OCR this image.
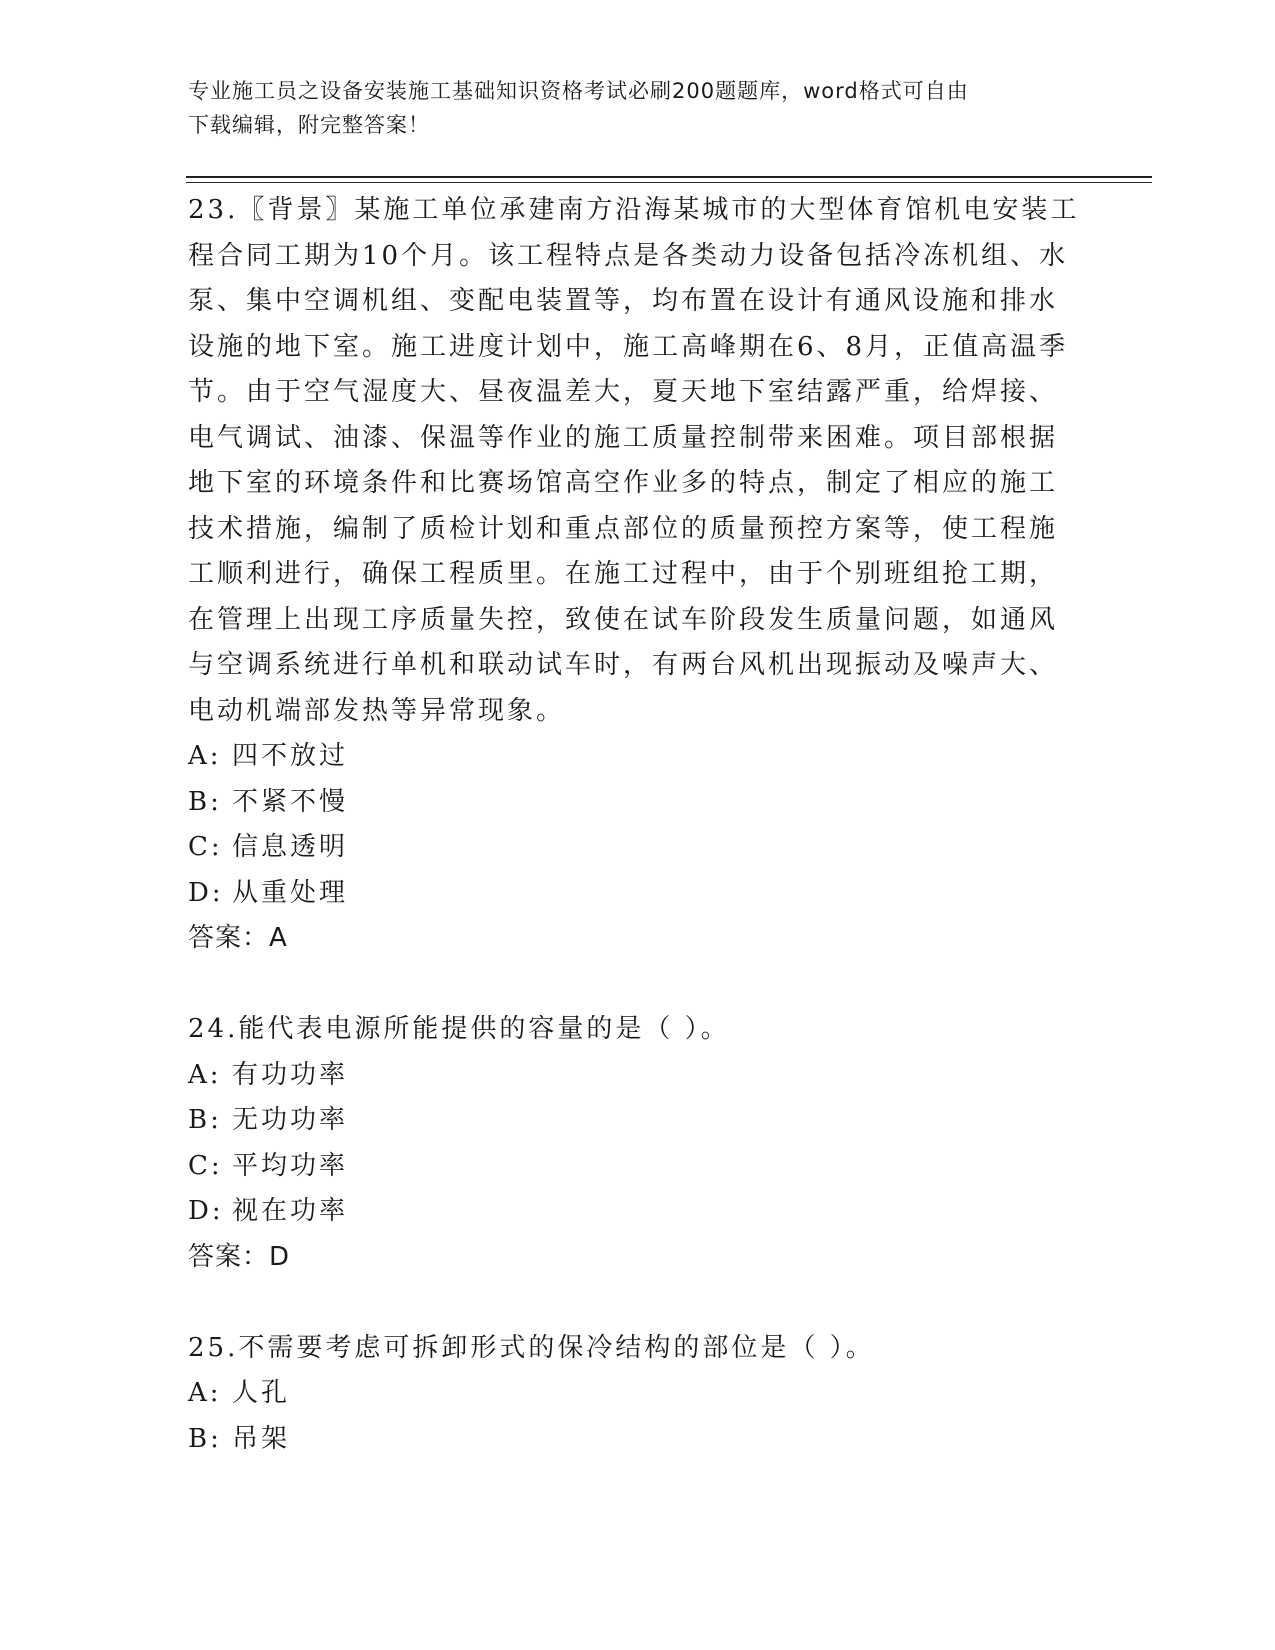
专业施工员之设备安装施工基础知识资格考试必刷200题题库，word格式可自由
下载编辑，附完整答案！
23.〖背景〗某施工单位承建南方沿海某城市的大型体育馆机电安装工
程合同工期为10个月。该工程特点是各类动力设备包括冷冻机组、水
泵、集中空调机组、变配电装置等，均布置在设计有通风设施和排水
设施的地下室。施工进度计划中，施工高峰期在6、8月，正值高温季
节。由于空气湿度大、昼夜温差大，夏天地下室结露严重，给焊接、
电气调试、油漆、保温等作业的施工质量控制带来困难。项目部根据
地下室的环境条件和比赛场馆高空作业多的特点，制定了相应的施工
技术措施，编制了质检计划和重点部位的质量预控方案等，使工程施
工顺利进行，确保工程质里。在施工过程中，由于个别班组抢工期，
在管理上出现工序质量失控，致使在试车阶段发生质量问题，如通风
与空调系统进行单机和联动试车时，有两台风机出现振动及噪声大、
电动机端部发热等异常现象。
A: 四不放过
B: 不紧不慢
C: 信息透明
D: 从重处理
答案：A
24.能代表电源所能提供的容量的是（ ）。
A: 有功功率
B: 无功功率
C: 平均功率
D: 视在功率
答案：D
25.不需要考虑可拆卸形式的保冷结构的部位是（ ）。
A: 人孔
B: 吊架
